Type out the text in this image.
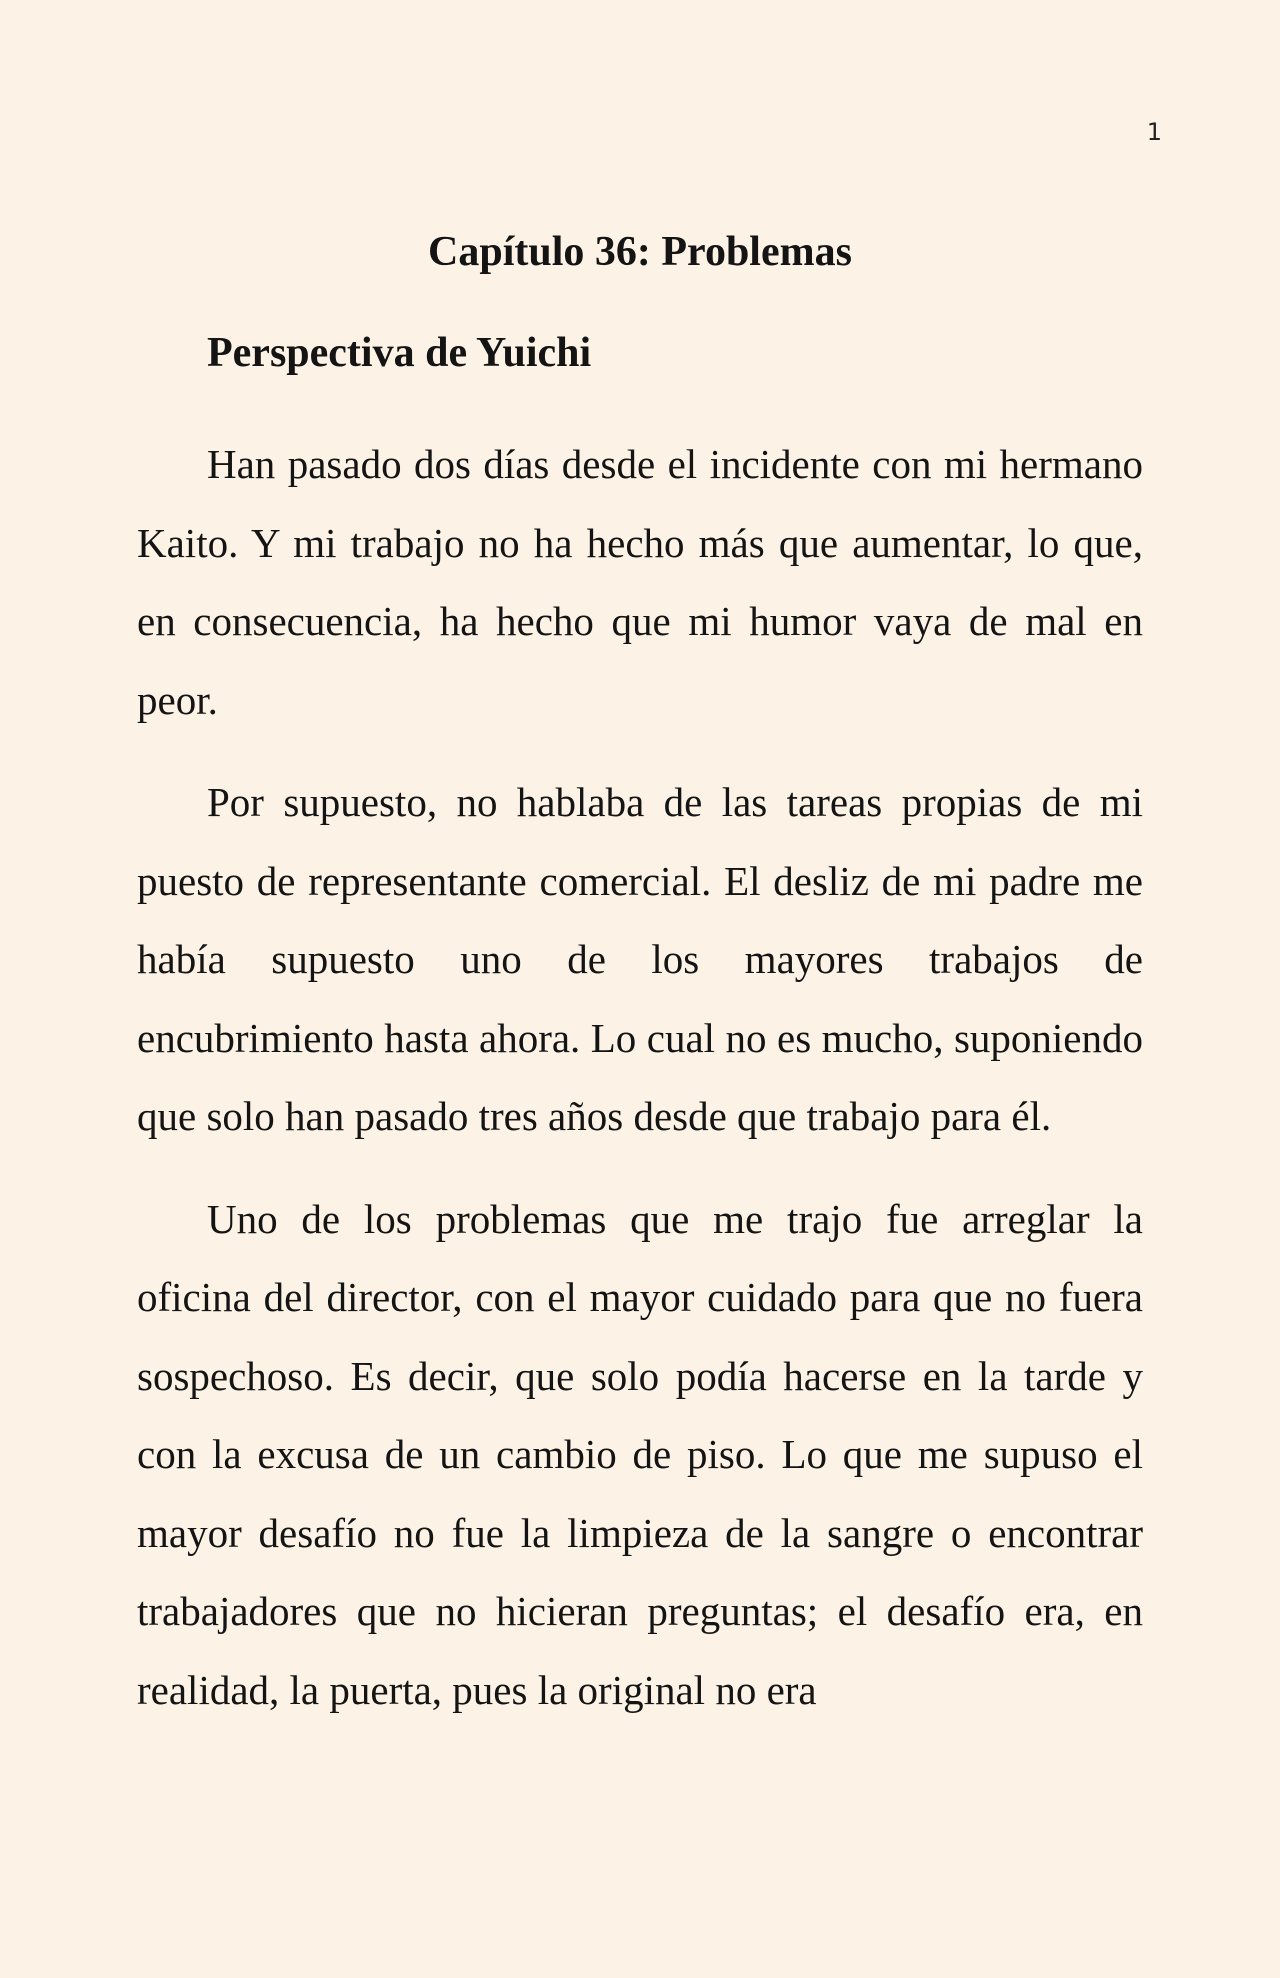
1
Capítulo 36: Problemas
Perspectiva de Yuichi

Han pasado dos días desde el incidente con mi hermano Kaito. Y mi trabajo no ha hecho más que aumentar, lo que, en consecuencia, ha hecho que mi humor vaya de mal en peor.

Por supuesto, no hablaba de las tareas propias de mi puesto de representante comercial. El desliz de mi padre me había supuesto uno de los mayores trabajos de encubrimiento hasta ahora. Lo cual no es mucho, suponiendo que solo han pasado tres años desde que trabajo para él.

Uno de los problemas que me trajo fue arreglar la oficina del director, con el mayor cuidado para que no fuera sospechoso. Es decir, que solo podía hacerse en la tarde y con la excusa de un cambio de piso. Lo que me supuso el mayor desafío no fue la limpieza de la sangre o encontrar trabajadores que no hicieran preguntas; el desafío era, en realidad, la puerta, pues la original no era
